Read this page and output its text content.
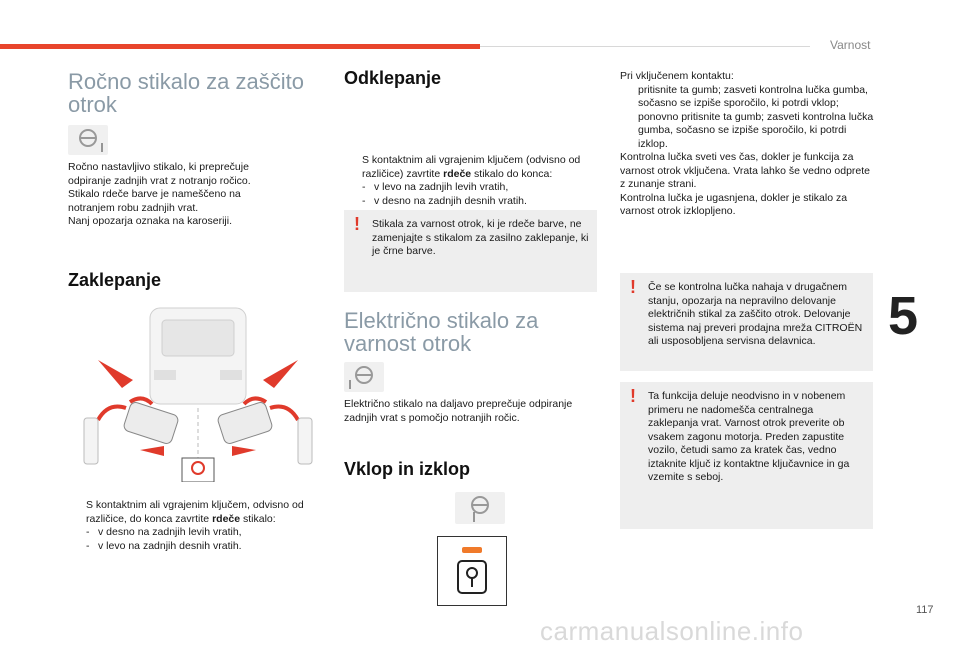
Varnost
5
Ročno stikalo za zaščito otrok

Ročno nastavljivo stikalo, ki preprečuje

odpiranje zadnjih vrat z notranjo ročico.

Stikalo rdeče barve je nameščeno na

notranjem robu zadnjih vrat.

Nanj opozarja oznaka na karoseriji.

Zaklepanje
S kontaktnim ali vgrajenim ključem, odvisno od različice, do konca zavrtite rdeče stikalo:
- v desno na zadnjih levih vratih,
- v levo na zadnjih desnih vratih.
Odklepanje
S kontaktnim ali vgrajenim ključem (odvisno od različice) zavrtite rdeče stikalo do konca:
- v levo na zadnjih levih vratih,
- v desno na zadnjih desnih vratih.
! Stikala za varnost otrok, ki je rdeče barve, ne zamenjajte s stikalom za zasilno zaklepanje, ki je črne barve.
Električno stikalo za varnost otrok

Električno stikalo na daljavo preprečuje odpiranje zadnjih vrat s pomočjo notranjih ročic.

Vklop in izklop

Pri vključenem kontaktu:

pritisnite ta gumb; zasveti kontrolna lučka gumba, sočasno se izpiše sporočilo, ki potrdi vklop;
ponovno pritisnite ta gumb; zasveti kontrolna lučka gumba, sočasno se izpiše sporočilo, ki potrdi izklop.

Kontrolna lučka sveti ves čas, dokler je funkcija za varnost otrok vključena. Vrata lahko še vedno odprete z zunanje strani.

Kontrolna lučka je ugasnjena, dokler je stikalo za varnost otrok izklopljeno.

! Če se kontrolna lučka nahaja v drugačnem stanju, opozarja na nepravilno delovanje električnih stikal za zaščito otrok. Delovanje sistema naj preveri prodajna mreža CITROËN ali usposobljena servisna delavnica.
! Ta funkcija deluje neodvisno in v nobenem primeru ne nadomešča centralnega zaklepanja vrat. Varnost otrok preverite ob vsakem zagonu motorja. Preden zapustite vozilo, četudi samo za kratek čas, vedno iztaknite ključ iz kontaktne ključavnice in ga vzemite s seboj.
117
carmanualsonline.info
